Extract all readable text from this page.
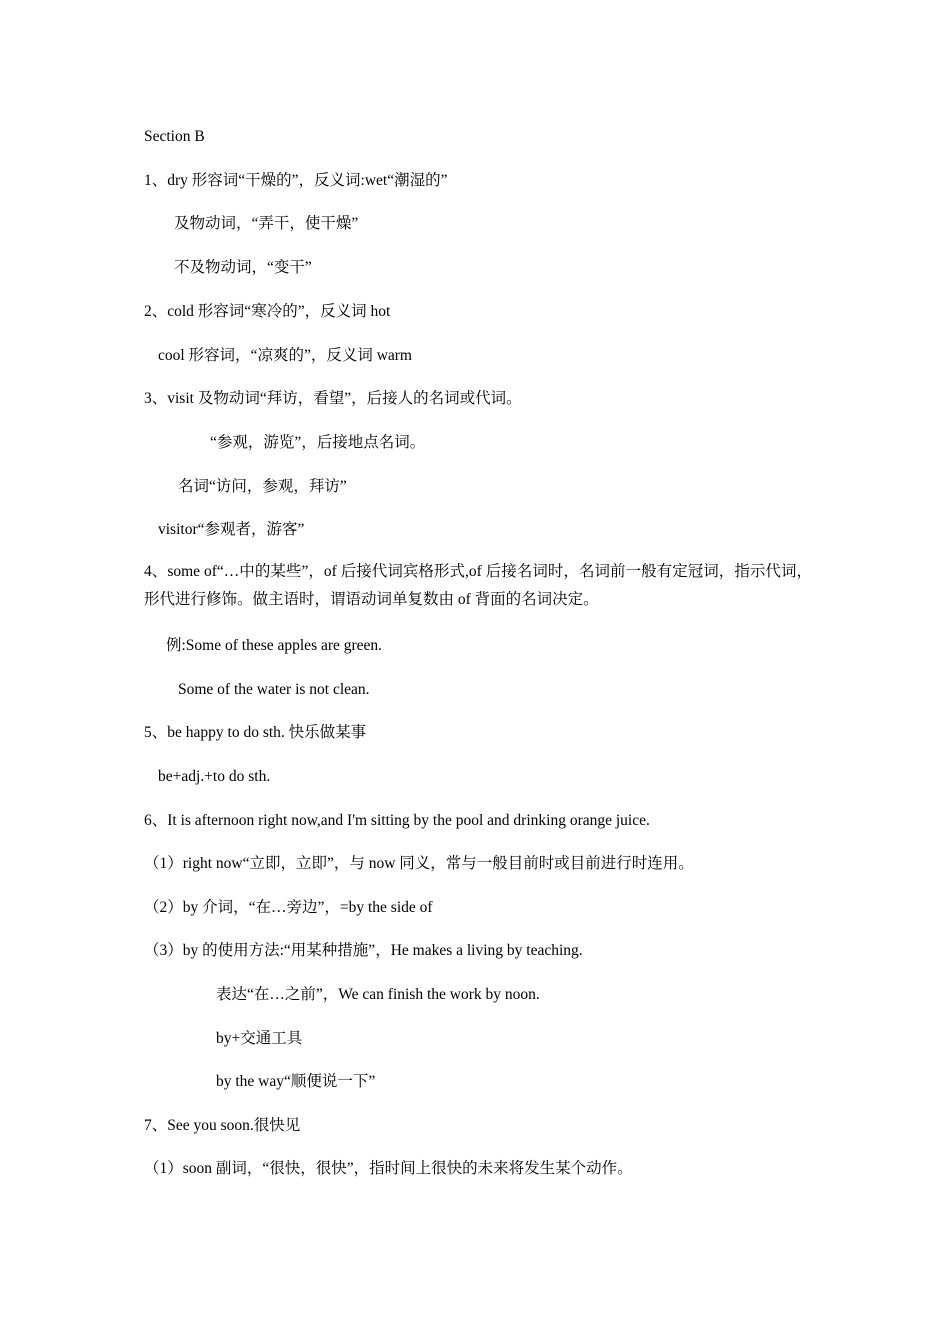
Section B
1、dry 形容词“干燥的”，反义词:wet“潮湿的”
及物动词，“弄干，使干燥”
不及物动词，“变干”
2、cold 形容词“寒冷的”，反义词 hot
cool 形容词，“凉爽的”，反义词 warm
3、visit 及物动词“拜访，看望”，后接人的名词或代词。
“参观，游览”，后接地点名词。
名词“访问，参观，拜访”
visitor“参观者，游客”
4、some of“…中的某些”，of 后接代词宾格形式,of 后接名词时，名词前一般有定冠词，指示代词，形代进行修饰。做主语时，谓语动词单复数由 of 背面的名词决定。
例:Some of these apples are green.
Some of the water is not clean.
5、be happy to do sth. 快乐做某事
be+adj.+to do sth.
6、It is afternoon right now,and I'm sitting by the pool and drinking orange juice.
（1）right now“立即，立即”，与 now 同义，常与一般目前时或目前进行时连用。
（2）by 介词，“在…旁边”，=by the side of
（3）by 的使用方法:“用某种措施”，He makes a living by teaching.
表达“在…之前”，We can finish the work by noon.
by+交通工具
by the way“顺便说一下”
7、See you soon.很快见
（1）soon 副词，“很快，很快”，指时间上很快的未来将发生某个动作。
